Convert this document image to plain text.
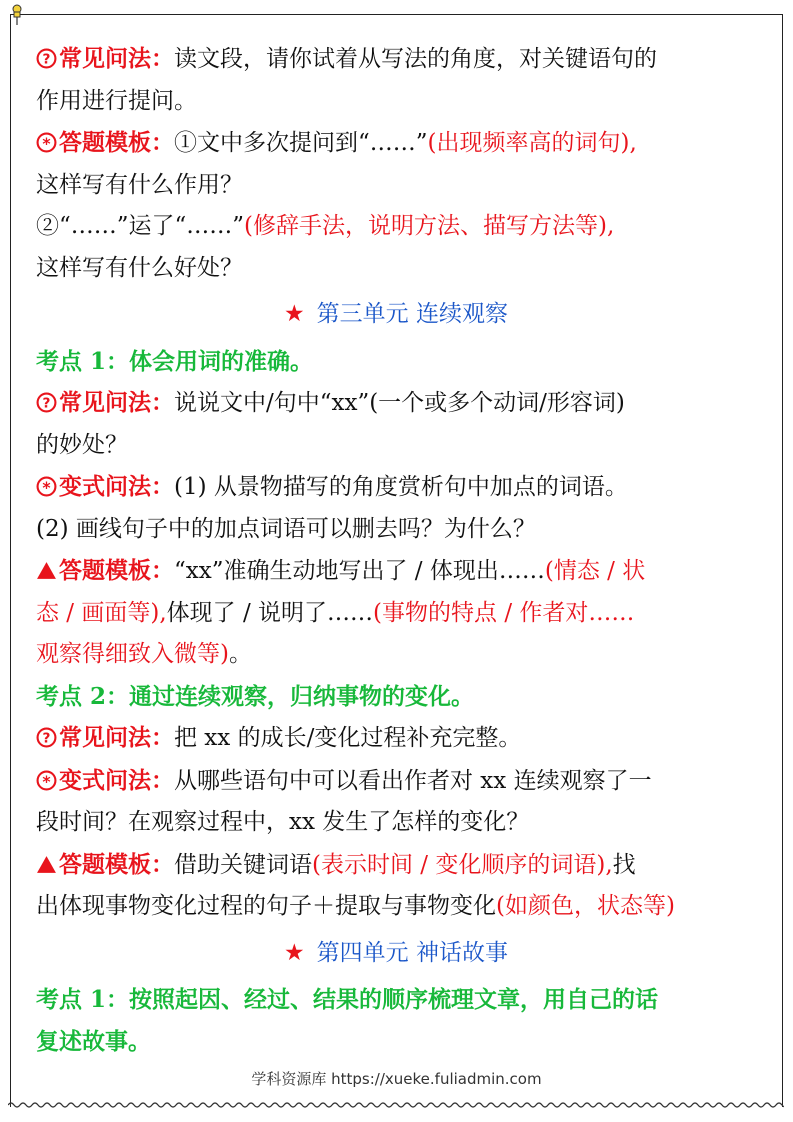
? 常见问法：读文段，请你试着从写法的角度，对关键语句的
作用进行提问。
* 答题模板：①文中多次提问到“……”(出现频率高的词句),
这样写有什么作用？
②“……”运了“……”(修辞手法，说明方法、描写方法等),
这样写有什么好处？
★ 第三单元 连续观察
考点 1：体会用词的准确。
? 常见问法：说说文中/句中“xx”(一个或多个动词/形容词)
的妙处？
* 变式问法：(1) 从景物描写的角度赏析句中加点的词语。
(2) 画线句子中的加点词语可以删去吗？为什么？
答题模板：“xx”准确生动地写出了 / 体现出……(情态 / 状
态 / 画面等),体现了 / 说明了……(事物的特点 / 作者对……
观察得细致入微等)。
考点 2：通过连续观察，归纳事物的变化。
? 常见问法：把 xx 的成长/变化过程补充完整。
* 变式问法：从哪些语句中可以看出作者对 xx 连续观察了一
段时间？在观察过程中，xx 发生了怎样的变化？
答题模板：借助关键词语(表示时间 / 变化顺序的词语),找
出体现事物变化过程的句子＋提取与事物变化(如颜色，状态等)
★ 第四单元 神话故事
考点 1：按照起因、经过、结果的顺序梳理文章，用自己的话
复述故事。
学科资源库 https://xueke.fuliadmin.com
